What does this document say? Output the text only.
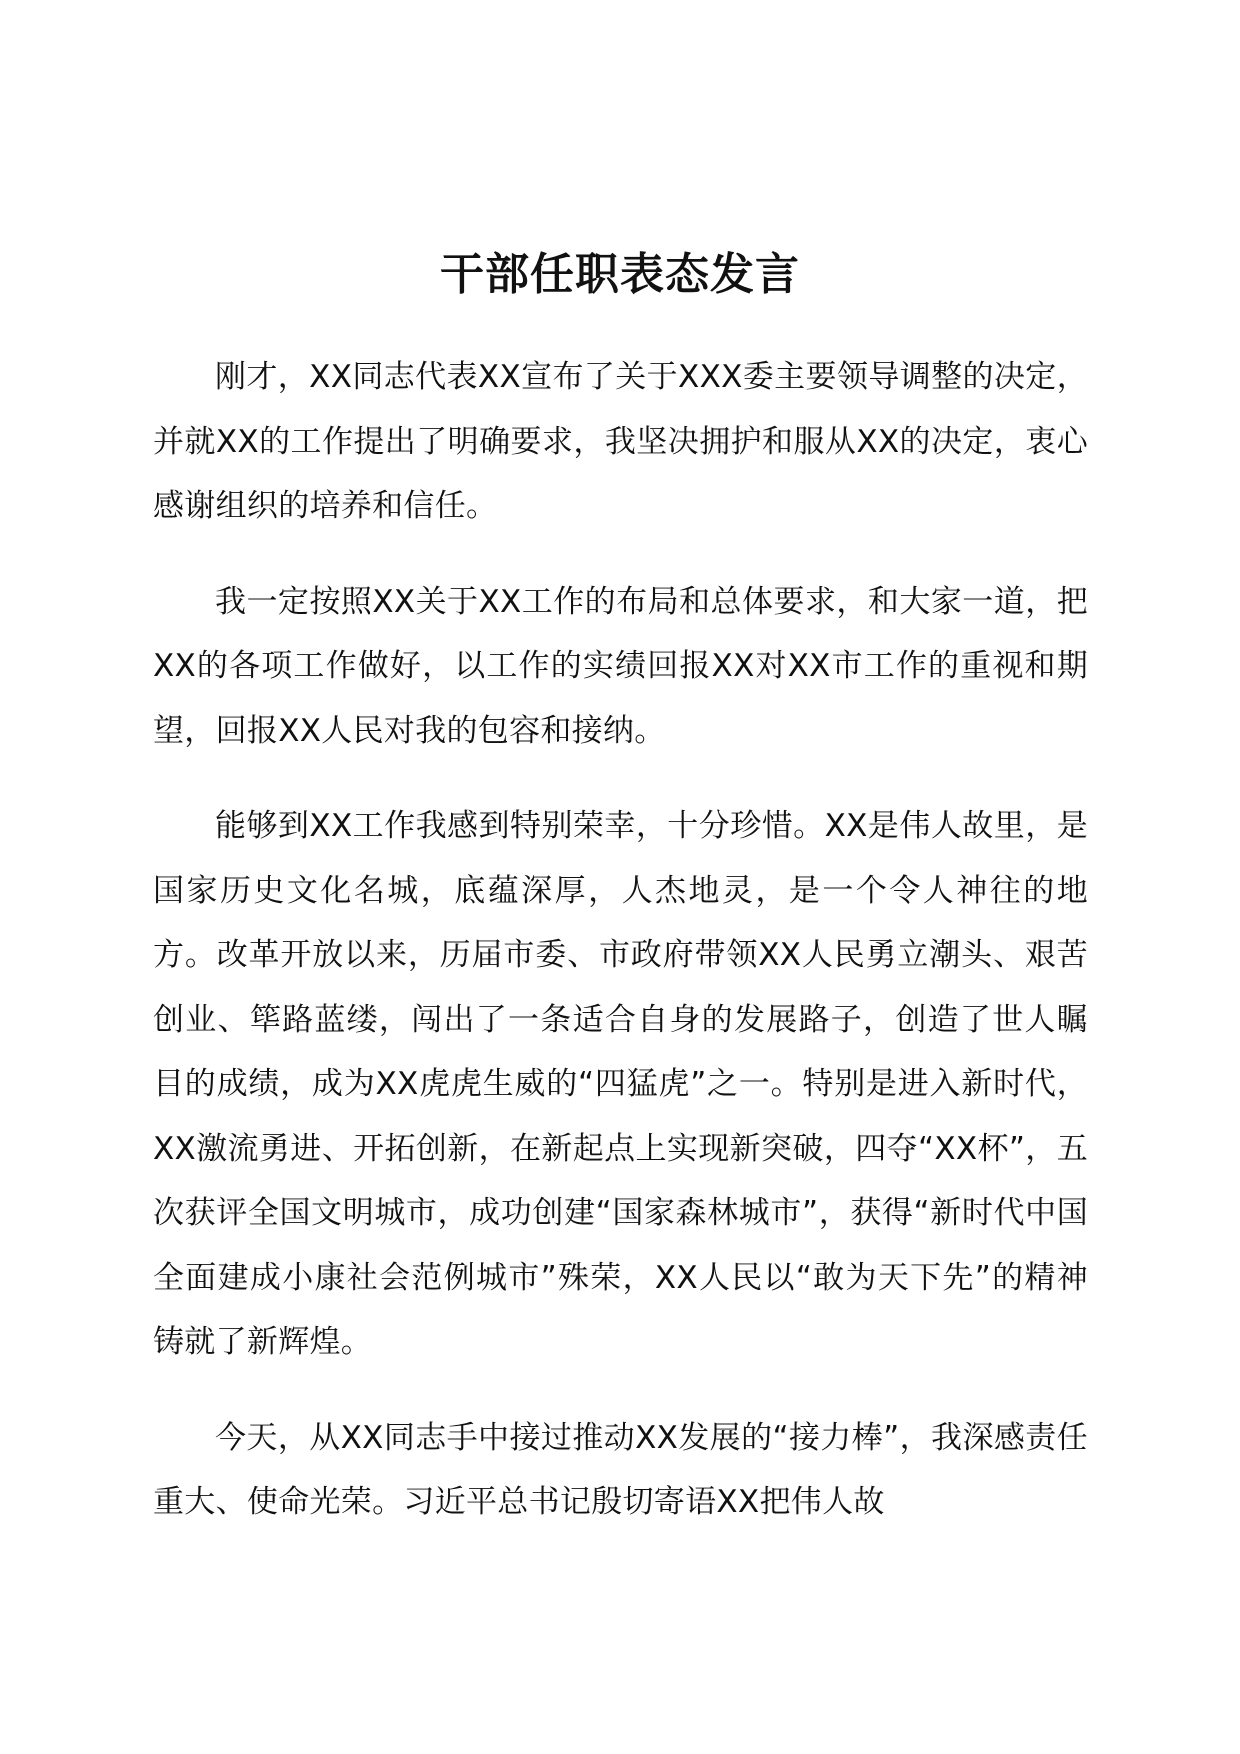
干部任职表态发言

刚才，XX同志代表XX宣布了关于XXX委主要领导调整的决定，并就XX的工作提出了明确要求，我坚决拥护和服从XX的决定，衷心感谢组织的培养和信任。

我一定按照XX关于XX工作的布局和总体要求，和大家一道，把XX的各项工作做好，以工作的实绩回报XX对XX市工作的重视和期望，回报XX人民对我的包容和接纳。

能够到XX工作我感到特别荣幸，十分珍惜。XX是伟人故里，是国家历史文化名城，底蕴深厚，人杰地灵，是一个令人神往的地方。改革开放以来，历届市委、市政府带领XX人民勇立潮头、艰苦创业、筚路蓝缕，闯出了一条适合自身的发展路子，创造了世人瞩目的成绩，成为XX虎虎生威的“四猛虎”之一。特别是进入新时代，XX激流勇进、开拓创新，在新起点上实现新突破，四夺“XX杯”，五次获评全国文明城市，成功创建“国家森林城市”，获得“新时代中国全面建成小康社会范例城市”殊荣，XX人民以“敢为天下先”的精神铸就了新辉煌。

今天，从XX同志手中接过推动XX发展的“接力棒”，我深感责任重大、使命光荣。习近平总书记殷切寄语XX把伟人故
